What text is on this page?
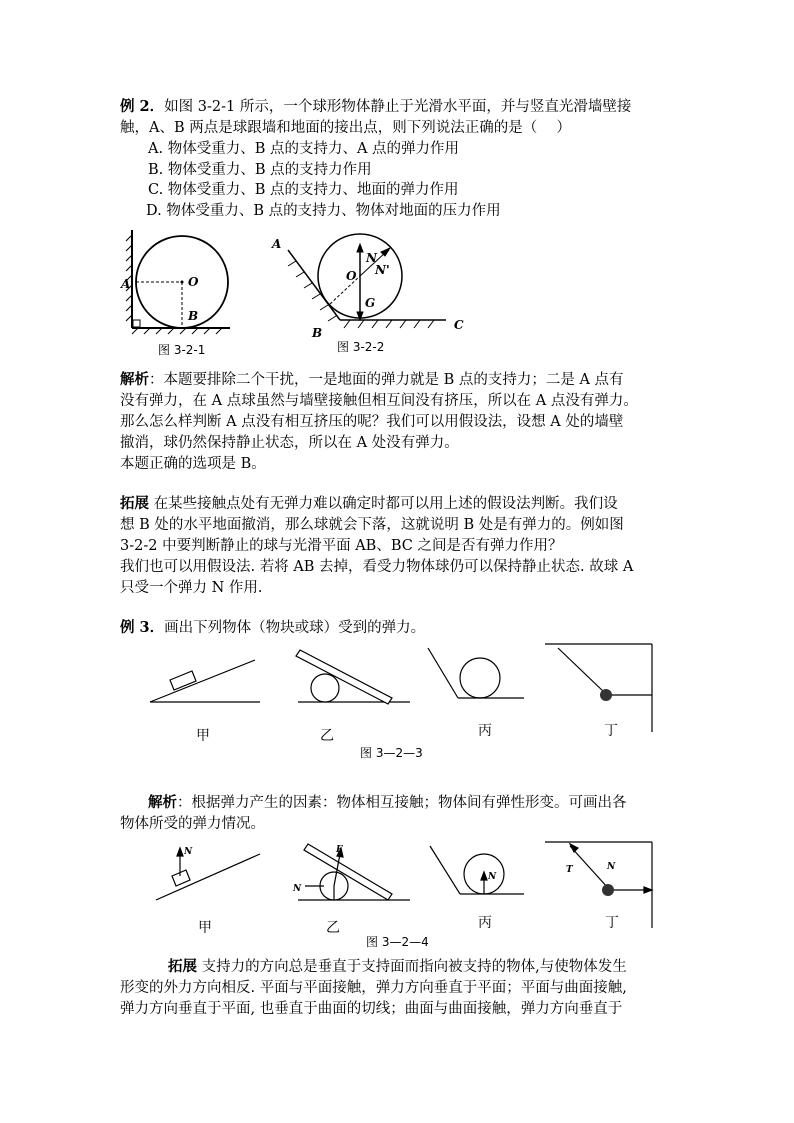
例 2．如图 3-2-1 所示，一个球形物体静止于光滑水平面，并与竖直光滑墙壁接
触，A、B 两点是球跟墙和地面的接出点，则下列说法正确的是（　 ）
A. 物体受重力、B 点的支持力、A 点的弹力作用
B. 物体受重力、B 点的支持力作用
C. 物体受重力、B 点的支持力、地面的弹力作用
D. 物体受重力、B 点的支持力、物体对地面的压力作用
A	O
B
图 3-2-1
A
B
C
O
N
N'
G
图 3-2-2
解析：本题要排除二个干扰，一是地面的弹力就是 B 点的支持力；二是 A 点有
没有弹力，在 A 点球虽然与墙壁接触但相互间没有挤压，所以在 A 点没有弹力。
那么怎么样判断 A 点没有相互挤压的呢？我们可以用假设法，设想 A 处的墙壁
撤消，球仍然保持静止状态，所以在 A 处没有弹力。
本题正确的选项是 B。
拓展 在某些接触点处有无弹力难以确定时都可以用上述的假设法判断。我们设
想 B 处的水平地面撤消，那么球就会下落，这就说明 B 处是有弹力的。例如图
3-2-2 中要判断静止的球与光滑平面 AB、BC 之间是否有弹力作用？
我们也可以用假设法. 若将 AB 去掉，看受力物体球仍可以保持静止状态. 故球 A
只受一个弹力 N 作用.
例 3．画出下列物体（物块或球）受到的弹力。
甲	乙	丙	丁
图 3—2—3
解析：根据弹力产生的因素：物体相互接触；物体间有弹性形变。可画出各
物体所受的弹力情况。
N	F
N
N
T	N
甲	乙	丙	丁
图 3—2—4
拓展 支持力的方向总是垂直于支持面而指向被支持的物体,与使物体发生
形变的外力方向相反. 平面与平面接触，弹力方向垂直于平面；平面与曲面接触,
弹力方向垂直于平面, 也垂直于曲面的切线；曲面与曲面接触，弹力方向垂直于
